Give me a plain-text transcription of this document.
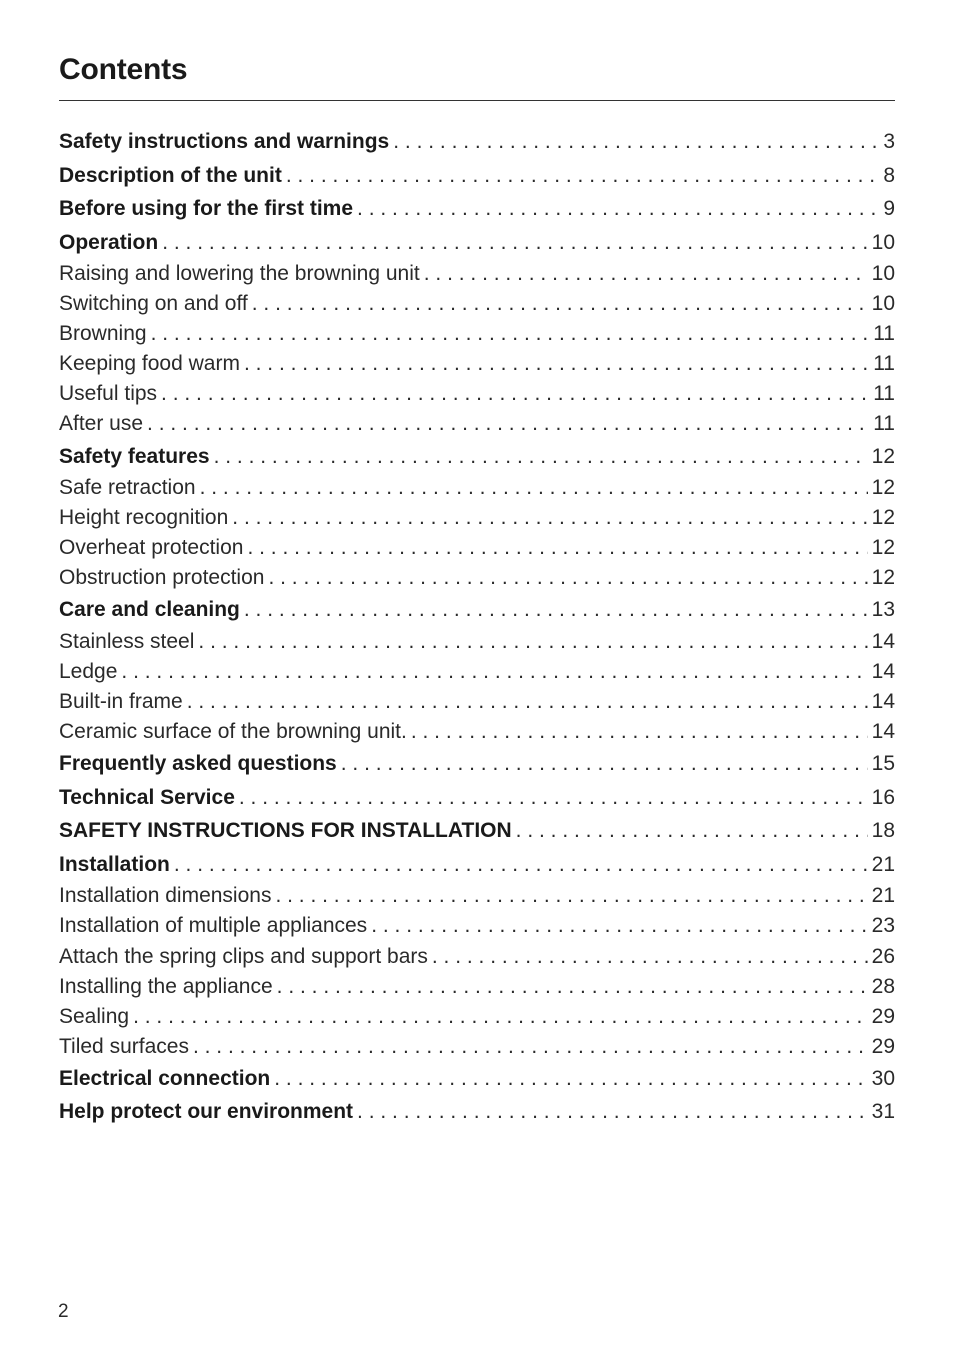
Contents
Safety instructions and warnings . . .	3
Description of the unit . . .	8
Before using for the first time . . .	9
Operation . . .	10
Raising and lowering the browning unit . . .	10
Switching on and off . . .	10
Browning . . .	11
Keeping food warm . . .	11
Useful tips . . .	11
After use . . .	11
Safety features . . .	12
Safe retraction . . .	12
Height recognition . . .	12
Overheat protection . . .	12
Obstruction protection . . .	12
Care and cleaning . . .	13
Stainless steel . . .	14
Ledge . . .	14
Built-in frame . . .	14
Ceramic surface of the browning unit. . . .	14
Frequently asked questions . . .	15
Technical Service . . .	16
SAFETY INSTRUCTIONS FOR INSTALLATION . . .	18
Installation . . .	21
Installation dimensions . . .	21
Installation of multiple appliances . . .	23
Attach the spring clips and support bars . . .	26
Installing the appliance . . .	28
Sealing . . .	29
Tiled surfaces . . .	29
Electrical connection . . .	30
Help protect our environment . . .	31
2
